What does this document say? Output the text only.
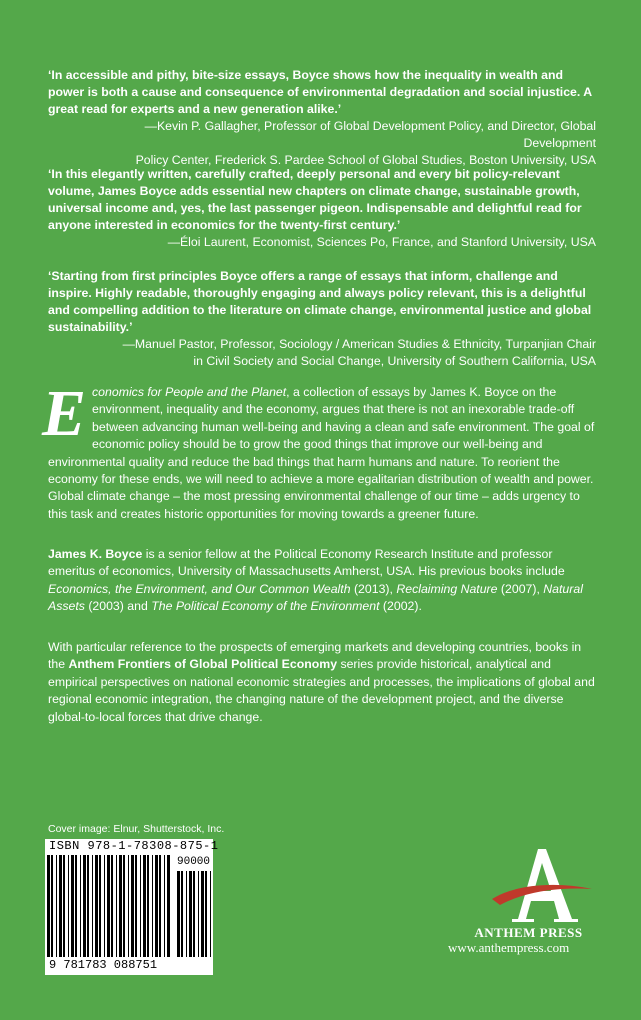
‘In accessible and pithy, bite-size essays, Boyce shows how the inequality in wealth and power is both a cause and consequence of environmental degradation and social injustice. A great read for experts and a new generation alike.’

—Kevin P. Gallagher, Professor of Global Development Policy, and Director, Global Development
Policy Center, Frederick S. Pardee School of Global Studies, Boston University, USA

‘In this elegantly written, carefully crafted, deeply personal and every bit policy-relevant volume, James Boyce adds essential new chapters on climate change, sustainable growth, universal income and, yes, the last passenger pigeon. Indispensable and delightful read for anyone interested in economics for the twenty-first century.’

—Éloi Laurent, Economist, Sciences Po, France, and Stanford University, USA

‘Starting from first principles Boyce offers a range of essays that inform, challenge and inspire. Highly readable, thoroughly engaging and always policy relevant, this is a delightful and compelling addition to the literature on climate change, environmental justice and global sustainability.’

—Manuel Pastor, Professor, Sociology / American Studies & Ethnicity, Turpanjian Chair
in Civil Society and Social Change, University of Southern California, USA

Economics for People and the Planet, a collection of essays by James K. Boyce on the environment, inequality and the economy, argues that there is not an inexorable trade-off between advancing human well-being and having a clean and safe environment. The goal of economic policy should be to grow the good things that improve our well-being and environmental quality and reduce the bad things that harm humans and nature. To reorient the economy for these ends, we will need to achieve a more egalitarian distribution of wealth and power. Global climate change – the most pressing environmental challenge of our time – adds urgency to this task and creates historic opportunities for moving towards a greener future.

James K. Boyce is a senior fellow at the Political Economy Research Institute and professor emeritus of economics, University of Massachusetts Amherst, USA. His previous books include Economics, the Environment, and Our Common Wealth (2013), Reclaiming Nature (2007), Natural Assets (2003) and The Political Economy of the Environment (2002).

With particular reference to the prospects of emerging markets and developing countries, books in the Anthem Frontiers of Global Political Economy series provide historical, analytical and empirical perspectives on national economic strategies and processes, the implications of global and regional economic integration, the changing nature of the development project, and the diverse global-to-local forces that drive change.

Cover image: Elnur, Shutterstock, Inc.
ISBN 978-1-78308-875-1
90000
9 781783 088751
ANTHEM PRESS
www.anthempress.com
